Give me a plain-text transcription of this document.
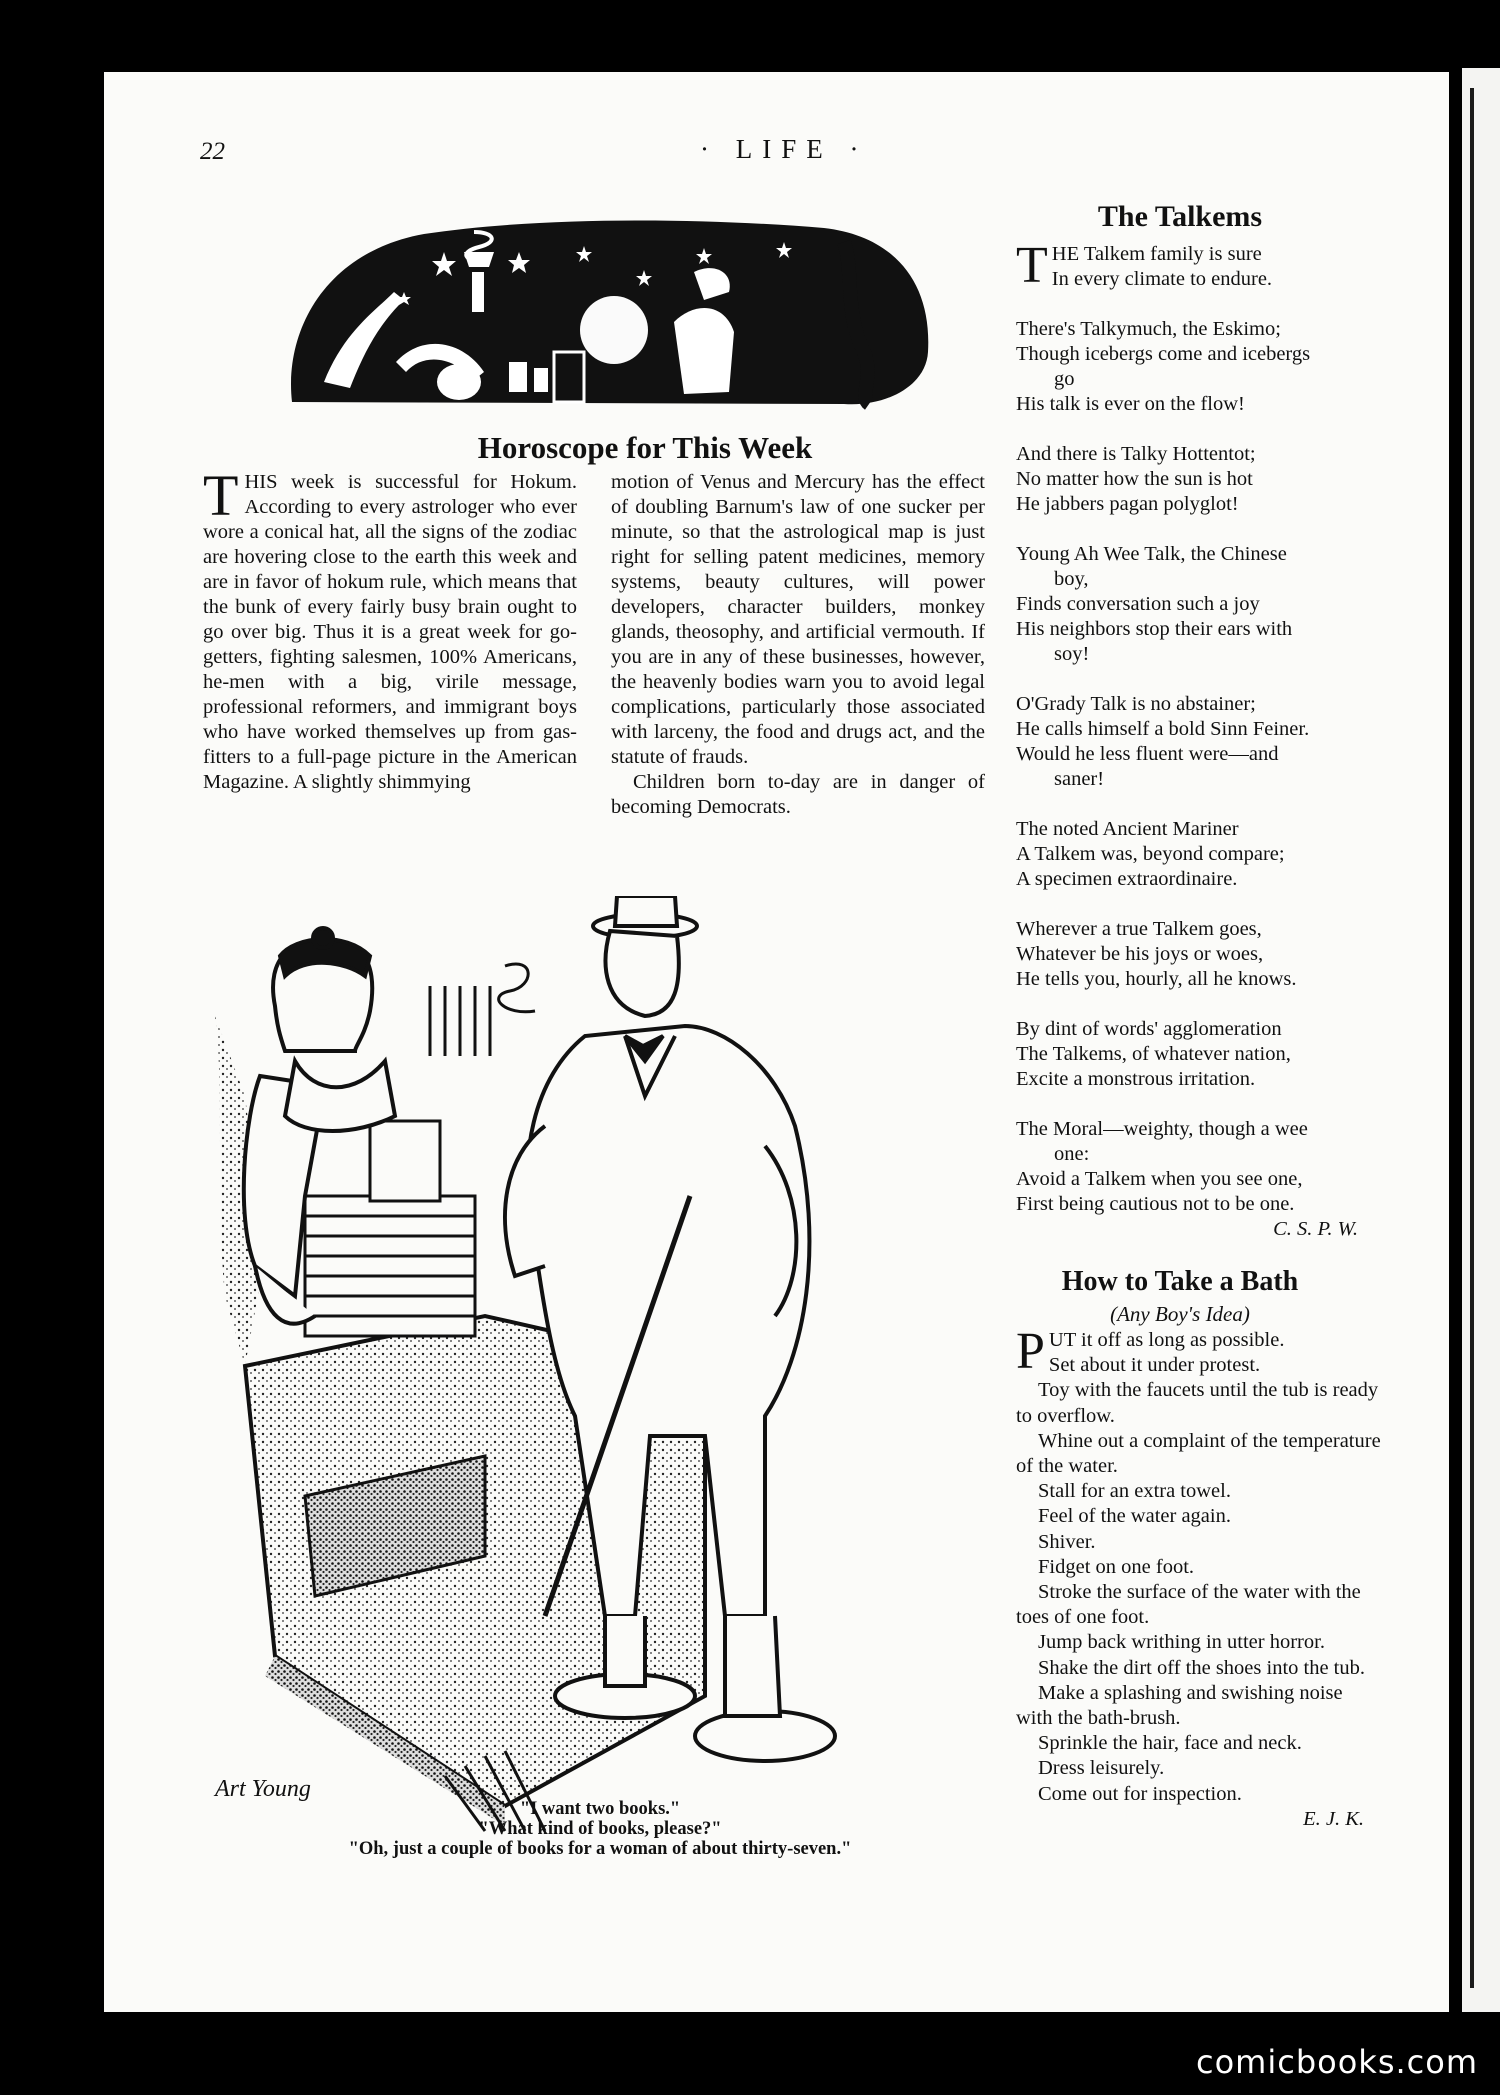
22	· LIFE ·
Horoscope for This Week

THIS week is successful for Hokum. According to every astrologer who ever wore a conical hat, all the signs of the zodiac are hovering close to the earth this week and are in favor of hokum rule, which means that the bunk of every fairly busy brain ought to go over big. Thus it is a great week for go-getters, fighting salesmen, 100% Americans, he-men with a big, virile message, professional reformers, and immigrant boys who have worked themselves up from gas-fitters to a full-page picture in the American Magazine. A slightly shimmying

motion of Venus and Mercury has the effect of doubling Barnum's law of one sucker per minute, so that the astrological map is just right for selling patent medicines, memory systems, beauty cultures, will power developers, character builders, monkey glands, theosophy, and artificial vermouth. If you are in any of these businesses, however, the heavenly bodies warn you to avoid legal complications, particularly those associated with larceny, the food and drugs act, and the statute of frauds.

Children born to-day are in danger of becoming Democrats.

Art Young
"I want two books."
"What kind of books, please?"
"Oh, just a couple of books for a woman of about thirty-seven."
The Talkems
T HE Talkem family is sure
In every climate to endure.
There's Talkymuch, the Eskimo;
Though icebergs come and icebergs
go
His talk is ever on the flow!
And there is Talky Hottentot;
No matter how the sun is hot
He jabbers pagan polyglot!
Young Ah Wee Talk, the Chinese
boy,
Finds conversation such a joy
His neighbors stop their ears with
soy!
O'Grady Talk is no abstainer;
He calls himself a bold Sinn Feiner.
Would he less fluent were—and
saner!
The noted Ancient Mariner
A Talkem was, beyond compare;
A specimen extraordinaire.
Wherever a true Talkem goes,
Whatever be his joys or woes,
He tells you, hourly, all he knows.
By dint of words' agglomeration
The Talkems, of whatever nation,
Excite a monstrous irritation.
The Moral—weighty, though a wee
one:
Avoid a Talkem when you see one,
First being cautious not to be one.
C. S. P. W.
How to Take a Bath
(Any Boy's Idea)
PUT it off as long as possible.
Set about it under protest.
Toy with the faucets until the tub is ready to overflow.
Whine out a complaint of the temperature of the water.
Stall for an extra towel.
Feel of the water again.
Shiver.
Fidget on one foot.
Stroke the surface of the water with the toes of one foot.
Jump back writhing in utter horror.
Shake the dirt off the shoes into the tub.
Make a splashing and swishing noise with the bath-brush.
Sprinkle the hair, face and neck.
Dress leisurely.
Come out for inspection.
E. J. K.
comicbooks.com
